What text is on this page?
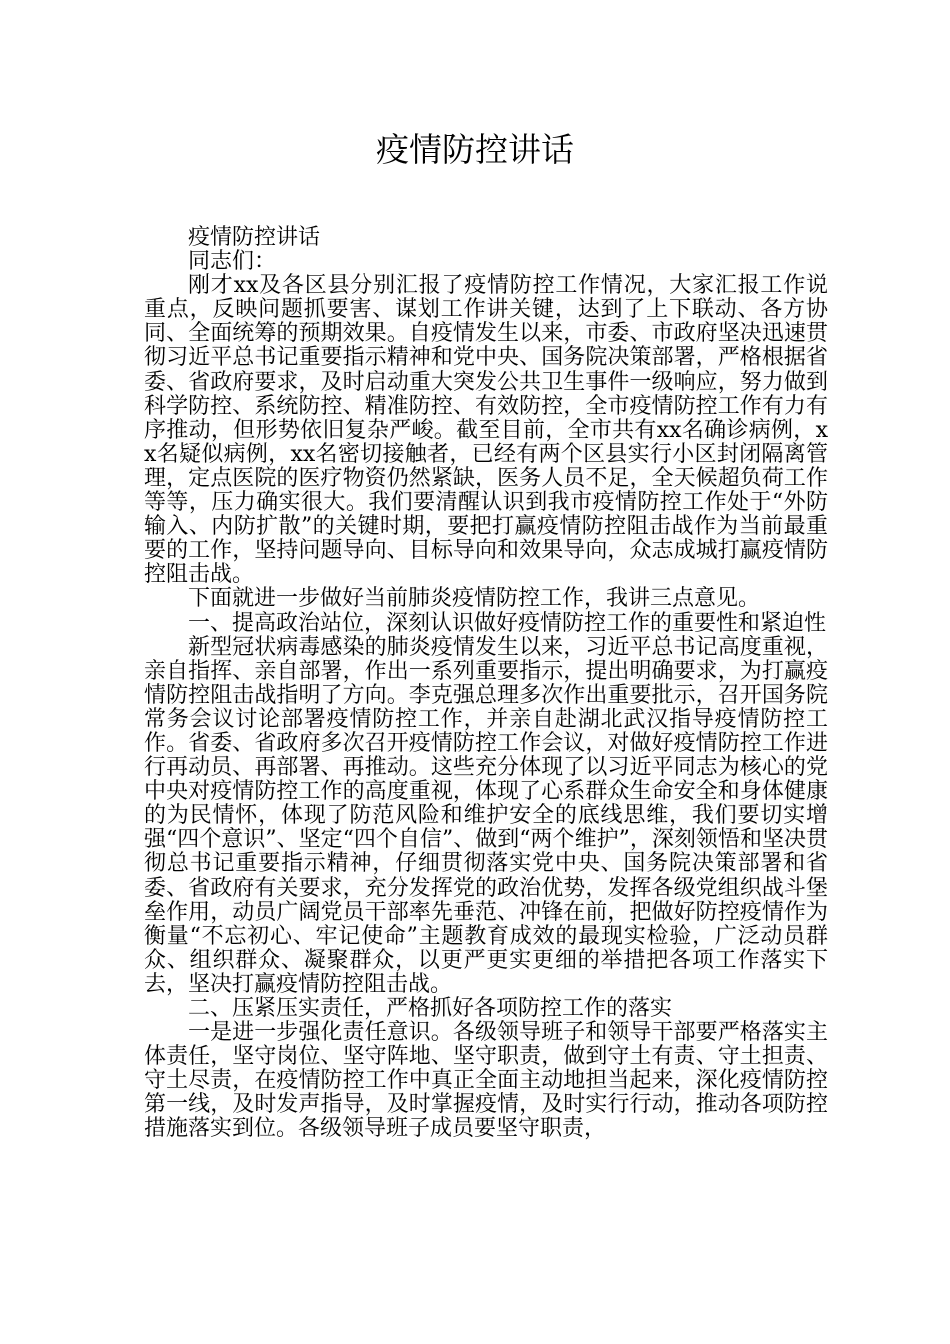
疫情防控讲话

疫情防控讲话

同志们：

刚才xx及各区县分别汇报了疫情防控工作情况，大家汇报工作说重点，反映问题抓要害、谋划工作讲关键，达到了上下联动、各方协同、全面统筹的预期效果。自疫情发生以来，市委、市政府坚决迅速贯彻习近平总书记重要指示精神和党中央、国务院决策部署，严格根据省委、省政府要求，及时启动重大突发公共卫生事件一级响应，努力做到科学防控、系统防控、精准防控、有效防控，全市疫情防控工作有力有序推动，但形势依旧复杂严峻。截至目前，全市共有xx名确诊病例，xx名疑似病例，xx名密切接触者，已经有两个区县实行小区封闭隔离管理，定点医院的医疗物资仍然紧缺，医务人员不足，全天候超负荷工作等等，压力确实很大。我们要清醒认识到我市疫情防控工作处于“外防输入、内防扩散”的关键时期，要把打赢疫情防控阻击战作为当前最重要的工作，坚持问题导向、目标导向和效果导向，众志成城打赢疫情防控阻击战。

下面就进一步做好当前肺炎疫情防控工作，我讲三点意见。

一、提高政治站位，深刻认识做好疫情防控工作的重要性和紧迫性

新型冠状病毒感染的肺炎疫情发生以来，习近平总书记高度重视，亲自指挥、亲自部署，作出一系列重要指示，提出明确要求，为打赢疫情防控阻击战指明了方向。李克强总理多次作出重要批示，召开国务院常务会议讨论部署疫情防控工作，并亲自赴湖北武汉指导疫情防控工作。省委、省政府多次召开疫情防控工作会议，对做好疫情防控工作进行再动员、再部署、再推动。这些充分体现了以习近平同志为核心的党中央对疫情防控工作的高度重视，体现了心系群众生命安全和身体健康的为民情怀，体现了防范风险和维护安全的底线思维，我们要切实增强“四个意识”、坚定“四个自信”、做到“两个维护”，深刻领悟和坚决贯彻总书记重要指示精神，仔细贯彻落实党中央、国务院决策部署和省委、省政府有关要求，充分发挥党的政治优势，发挥各级党组织战斗堡垒作用，动员广阔党员干部率先垂范、冲锋在前，把做好防控疫情作为衡量“不忘初心、牢记使命”主题教育成效的最现实检验，广泛动员群众、组织群众、凝聚群众，以更严更实更细的举措把各项工作落实下去，坚决打赢疫情防控阻击战。

二、压紧压实责任，严格抓好各项防控工作的落实

一是进一步强化责任意识。各级领导班子和领导干部要严格落实主体责任，坚守岗位、坚守阵地、坚守职责，做到守土有责、守土担责、守土尽责，在疫情防控工作中真正全面主动地担当起来，深化疫情防控第一线，及时发声指导，及时掌握疫情，及时实行行动，推动各项防控措施落实到位。各级领导班子成员要坚守职责，
